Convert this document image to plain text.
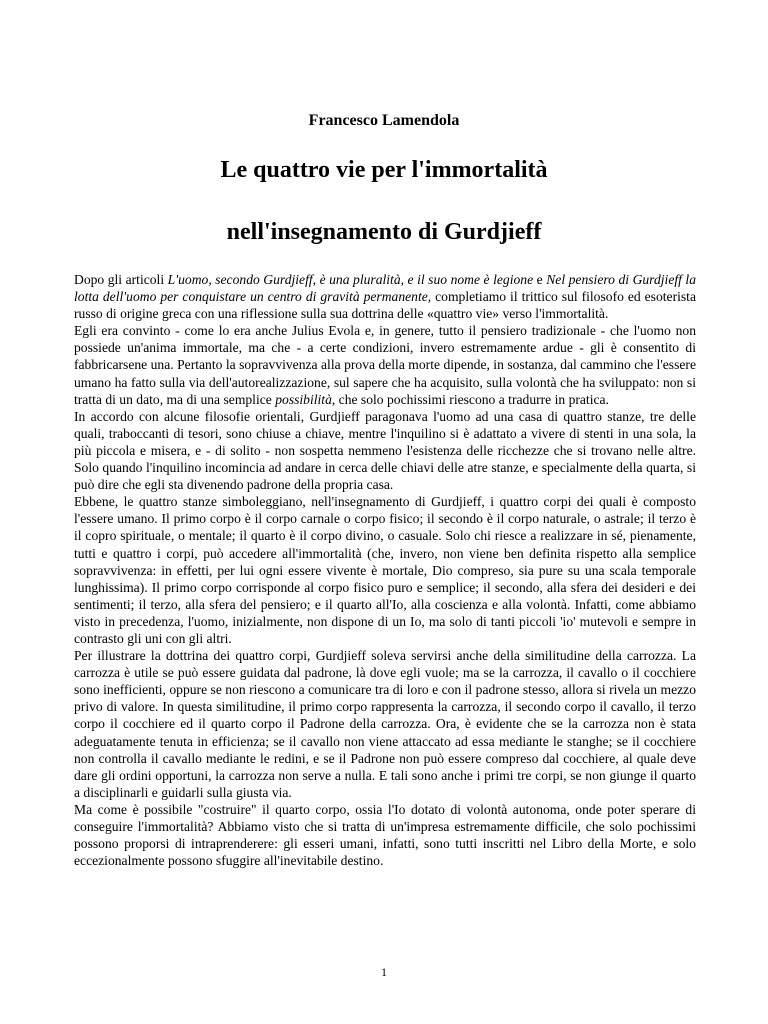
Francesco Lamendola
Le quattro vie per l'immortalità
nell'insegnamento di Gurdjieff

Dopo gli articoli L'uomo, secondo Gurdjieff, è una pluralità, e il suo nome è legione e Nel pensiero di Gurdjieff la lotta dell'uomo per conquistare un centro di gravità permanente, completiamo il trittico sul filosofo ed esoterista russo di origine greca con una riflessione sulla sua dottrina delle «quattro vie» verso l'immortalità.

Egli era convinto - come lo era anche Julius Evola e, in genere, tutto il pensiero tradizionale - che l'uomo non possiede un'anima immortale, ma che - a certe condizioni, invero estremamente ardue - gli è consentito di fabbricarsene una. Pertanto la sopravvivenza alla prova della morte dipende, in sostanza, dal cammino che l'essere umano ha fatto sulla via dell'autorealizzazione, sul sapere che ha acquisito, sulla volontà che ha sviluppato: non si tratta di un dato, ma di una semplice possibilità, che solo pochissimi riescono a tradurre in pratica.

In accordo con alcune filosofie orientali, Gurdjieff paragonava l'uomo ad una casa di quattro stanze, tre delle quali, traboccanti di tesori, sono chiuse a chiave, mentre l'inquilino si è adattato a vivere di stenti in una sola, la più piccola e misera, e - di solito - non sospetta nemmeno l'esistenza delle ricchezze che si trovano nelle altre. Solo quando l'inquilino incomincia ad andare in cerca delle chiavi delle atre stanze, e specialmente della quarta, si può dire che egli sta divenendo padrone della propria casa.

Ebbene, le quattro stanze simboleggiano, nell'insegnamento di Gurdjieff, i quattro corpi dei quali è composto l'essere umano. Il primo corpo è il corpo carnale o corpo fisico; il secondo è il corpo naturale, o astrale; il terzo è il copro spirituale, o mentale; il quarto è il corpo divino, o casuale. Solo chi riesce a realizzare in sé, pienamente, tutti e quattro i corpi, può accedere all'immortalità (che, invero, non viene ben definita rispetto alla semplice sopravvivenza: in effetti, per lui ogni essere vivente è mortale, Dio compreso, sia pure su una scala temporale lunghissima). Il primo corpo corrisponde al corpo fisico puro e semplice; il secondo, alla sfera dei desideri e dei sentimenti; il terzo, alla sfera del pensiero; e il quarto all'Io, alla coscienza e alla volontà. Infatti, come abbiamo visto in precedenza, l'uomo, inizialmente, non dispone di un Io, ma solo di tanti piccoli 'io' mutevoli e sempre in contrasto gli uni con gli altri.

Per illustrare la dottrina dei quattro corpi, Gurdjieff soleva servirsi anche della similitudine della carrozza. La carrozza è utile se può essere guidata dal padrone, là dove egli vuole; ma se la carrozza, il cavallo o il cocchiere sono inefficienti, oppure se non riescono a comunicare tra di loro e con il padrone stesso, allora si rivela un mezzo privo di valore. In questa similitudine, il primo corpo rappresenta la carrozza, il secondo corpo il cavallo, il terzo corpo il cocchiere ed il quarto corpo il Padrone della carrozza. Ora, è evidente che se la carrozza non è stata adeguatamente tenuta in efficienza; se il cavallo non viene attaccato ad essa mediante le stanghe; se il cocchiere non controlla il cavallo mediante le redini, e se il Padrone non può essere compreso dal cocchiere, al quale deve dare gli ordini opportuni, la carrozza non serve a nulla. E tali sono anche i primi tre corpi, se non giunge il quarto a disciplinarli e guidarli sulla giusta via.

Ma come è possibile "costruire" il quarto corpo, ossia l'Io dotato di volontà autonoma, onde poter sperare di conseguire l'immortalità? Abbiamo visto che si tratta di un'impresa estremamente difficile, che solo pochissimi possono proporsi di intraprenderere: gli esseri umani, infatti, sono tutti inscritti nel Libro della Morte, e solo eccezionalmente possono sfuggire all'inevitabile destino.

1
